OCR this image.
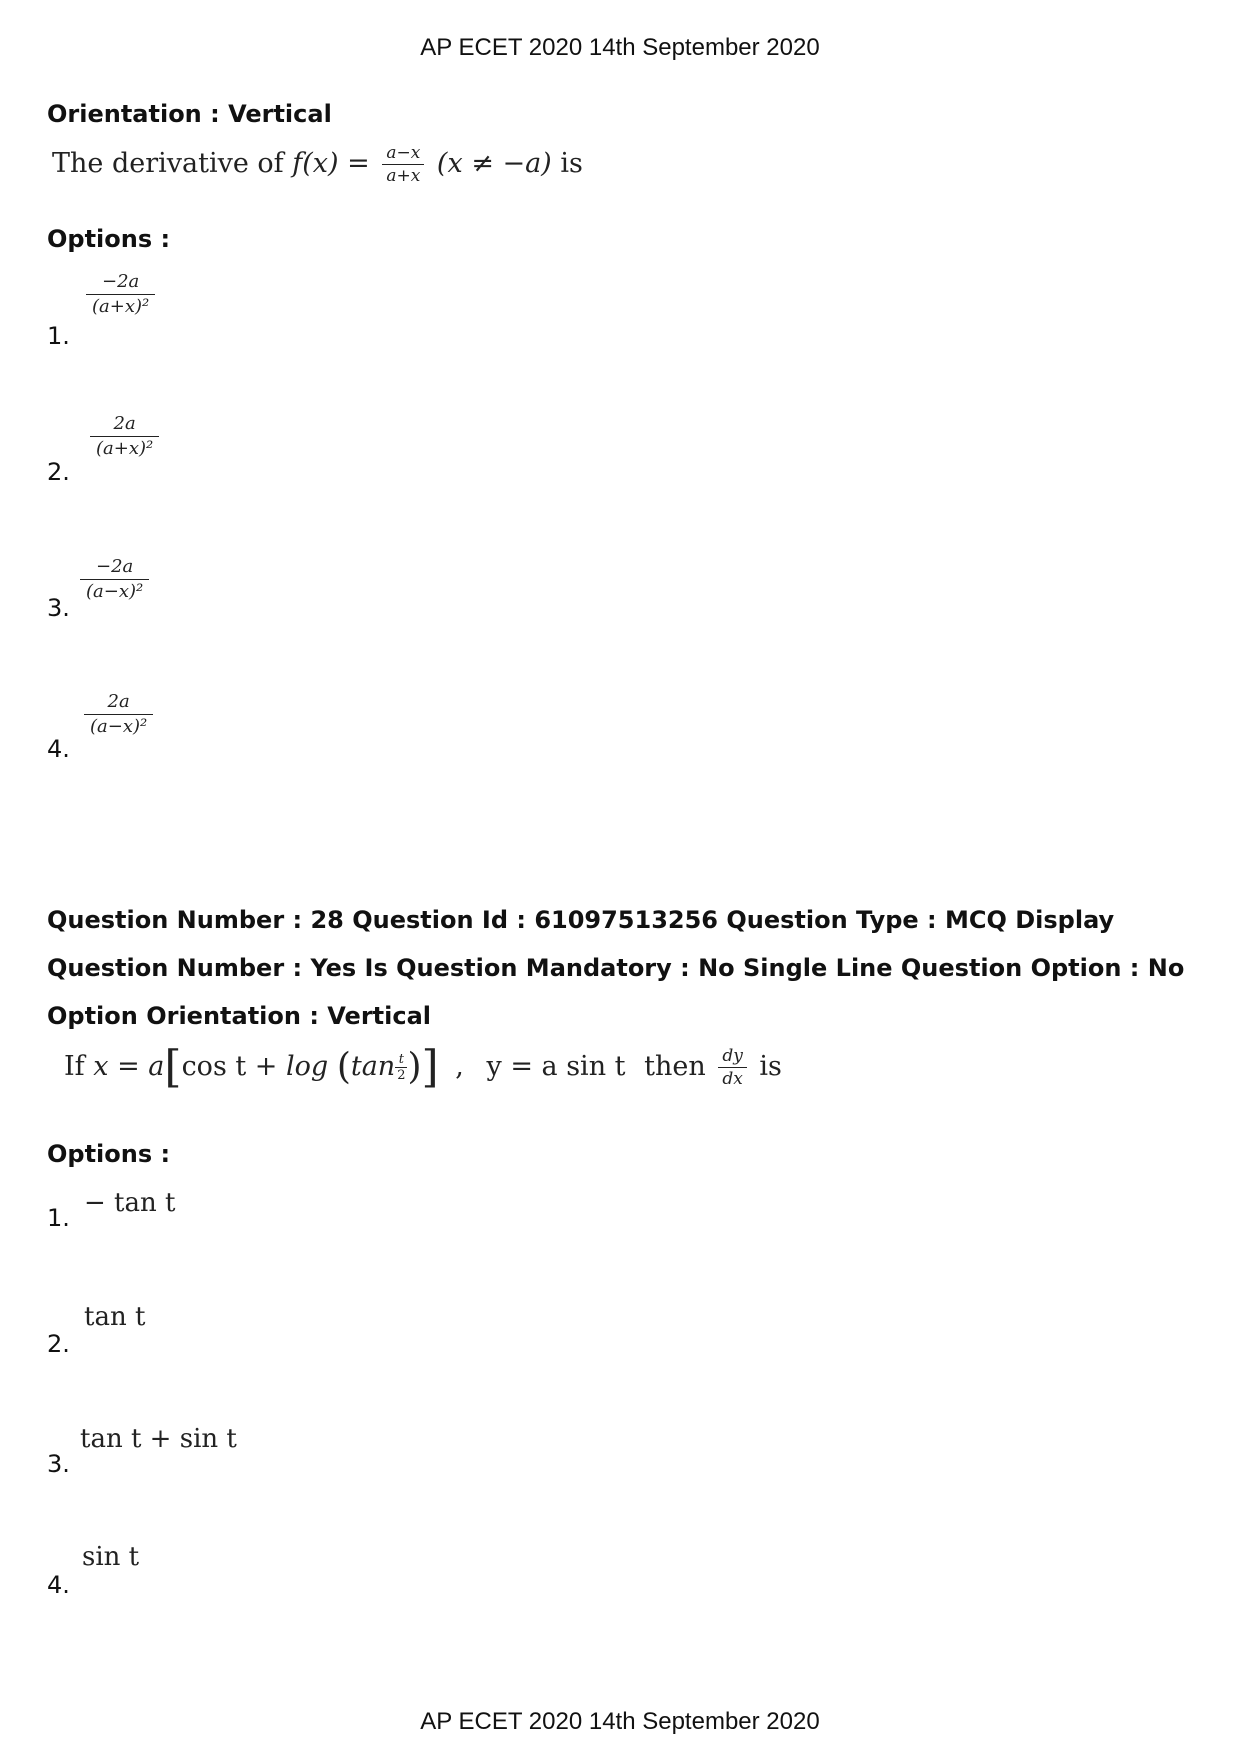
AP ECET 2020 14th September 2020
Orientation : Vertical
The derivative of $f(x) = \frac{a-x}{a+x} (x \ne -a)$ is
Options :
1.
$\frac{-2a}{\text{(a+x)²}}$
2.
$\frac{2a}{\text{(a+x)²}}$
3.
$\frac{-2a}{\text{(a−x)²}}$
4.
$\frac{2a}{\text{(a−x)²}}$
Question Number : 28 Question Id : 61097513256 Question Type : MCQ Display Question Number : Yes Is Question Mandatory : No Single Line Question Option : No Option Orientation : Vertical
If x = a[cos $t + \log (\tan \frac{t}{2}$ )] , y = a sin t then $\frac{dy}{dx}$ is
Options :
1. − tan t
2.
tan t
3.
tan t + sin t
4.
sin t
AP ECET 2020 14th September 2020
